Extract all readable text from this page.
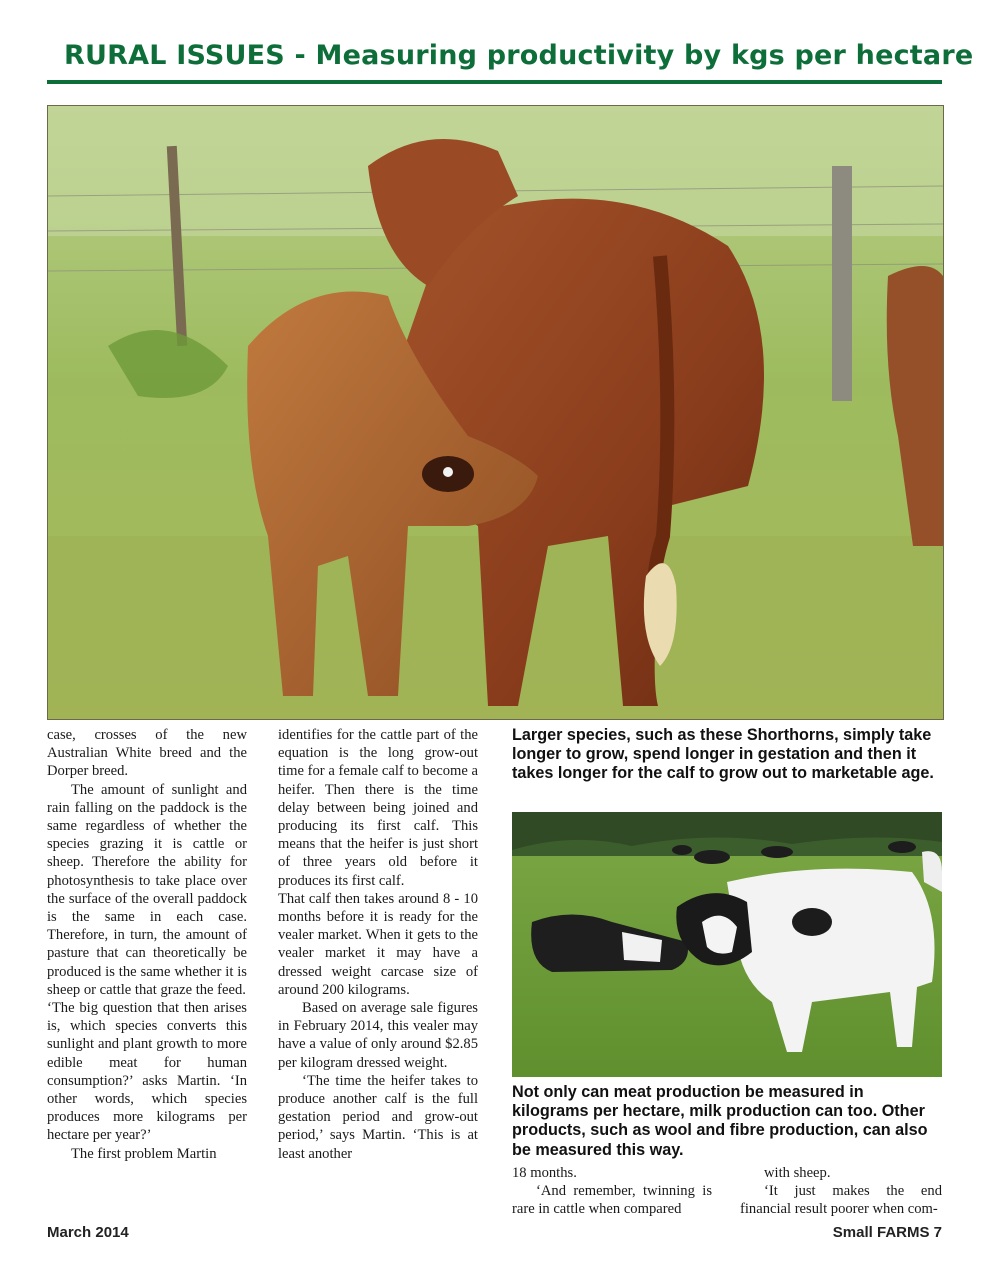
RURAL ISSUES - Measuring productivity by kgs per hectare

case, crosses of the new Australian White breed and the Dorper breed.

The amount of sunlight and rain falling on the paddock is the same regardless of whether the species grazing it is cattle or sheep. Therefore the ability for photosynthesis to take place over the surface of the overall paddock is the same in each case. Therefore, in turn, the amount of pasture that can theoretically be produced is the same whether it is sheep or cattle that graze the feed.

‘The big question that then arises is, which species converts this sunlight and plant growth to more edible meat for human consumption?’ asks Martin. ‘In other words, which species produces more kilograms per hectare per year?’

The first problem Martin

identifies for the cattle part of the equation is the long grow-out time for a female calf to become a heifer. Then there is the time delay between being joined and producing its first calf. This means that the heifer is just short of three years old before it produces its first calf.

That calf then takes around 8 - 10 months before it is ready for the vealer market. When it gets to the vealer market it may have a dressed weight carcase size of around 200 kilograms.

Based on average sale figures in February 2014, this vealer may have a value of only around $2.85 per kilogram dressed weight.

‘The time the heifer takes to produce another calf is the full gestation period and grow-out period,’ says Martin. ‘This is at least another

Larger species, such as these Shorthorns, simply take longer to grow, spend longer in gestation and then it takes longer for the calf to grow out to marketable age.
Not only can meat production be measured in kilograms per hectare, milk production can too. Other products, such as wool and fibre production, can also be measured this way.

18 months.

‘And remember, twinning is rare in cattle when compared

with sheep.

‘It just makes the end financial result poorer when com-

March 2014	Small FARMS 7
